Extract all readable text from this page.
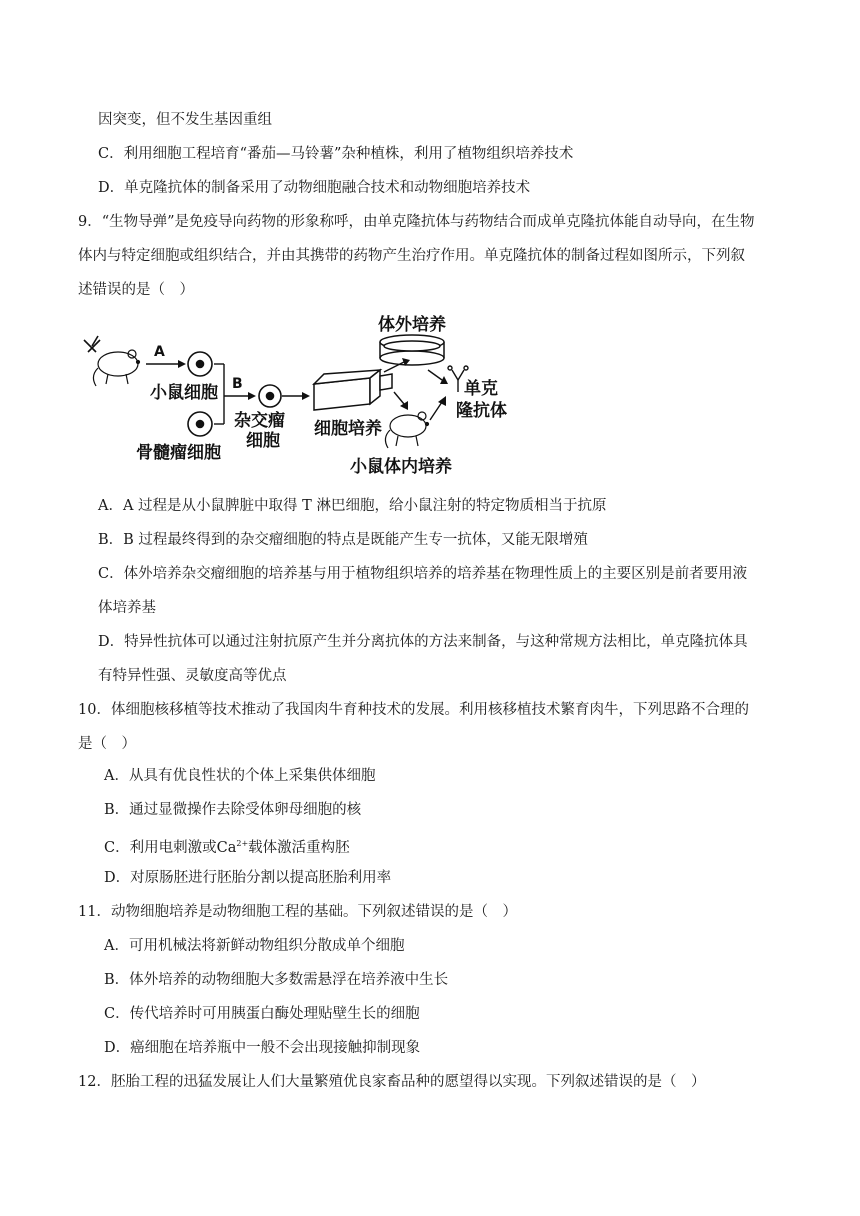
因突变，但不发生基因重组
C．利用细胞工程培育“番茄—马铃薯”杂种植株，利用了植物组织培养技术
D．单克隆抗体的制备采用了动物细胞融合技术和动物细胞培养技术
9．“生物导弹”是免疫导向药物的形象称呼，由单克隆抗体与药物结合而成单克隆抗体能自动导向，在生物
体内与特定细胞或组织结合，并由其携带的药物产生治疗作用。单克隆抗体的制备过程如图所示，下列叙
述错误的是（　）
A
小鼠细胞
骨髓瘤细胞
B
杂交瘤
细胞
细胞培养
体外培养
小鼠体内培养
单克
隆抗体
A．A 过程是从小鼠脾脏中取得 T 淋巴细胞，给小鼠注射的特定物质相当于抗原
B．B 过程最终得到的杂交瘤细胞的特点是既能产生专一抗体，又能无限增殖
C．体外培养杂交瘤细胞的培养基与用于植物组织培养的培养基在物理性质上的主要区别是前者要用液
体培养基
D．特异性抗体可以通过注射抗原产生并分离抗体的方法来制备，与这种常规方法相比，单克隆抗体具
有特异性强、灵敏度高等优点
10．体细胞核移植等技术推动了我国肉牛育种技术的发展。利用核移植技术繁育肉牛，下列思路不合理的
是（　）
A．从具有优良性状的个体上采集供体细胞
B．通过显微操作去除受体卵母细胞的核
C．利用电刺激或$Ca^{2+}$载体激活重构胚
D．对原肠胚进行胚胎分割以提高胚胎利用率
11．动物细胞培养是动物细胞工程的基础。下列叙述错误的是（　）
A．可用机械法将新鲜动物组织分散成单个细胞
B．体外培养的动物细胞大多数需悬浮在培养液中生长
C．传代培养时可用胰蛋白酶处理贴壁生长的细胞
D．癌细胞在培养瓶中一般不会出现接触抑制现象
12．胚胎工程的迅猛发展让人们大量繁殖优良家畜品种的愿望得以实现。下列叙述错误的是（　）
